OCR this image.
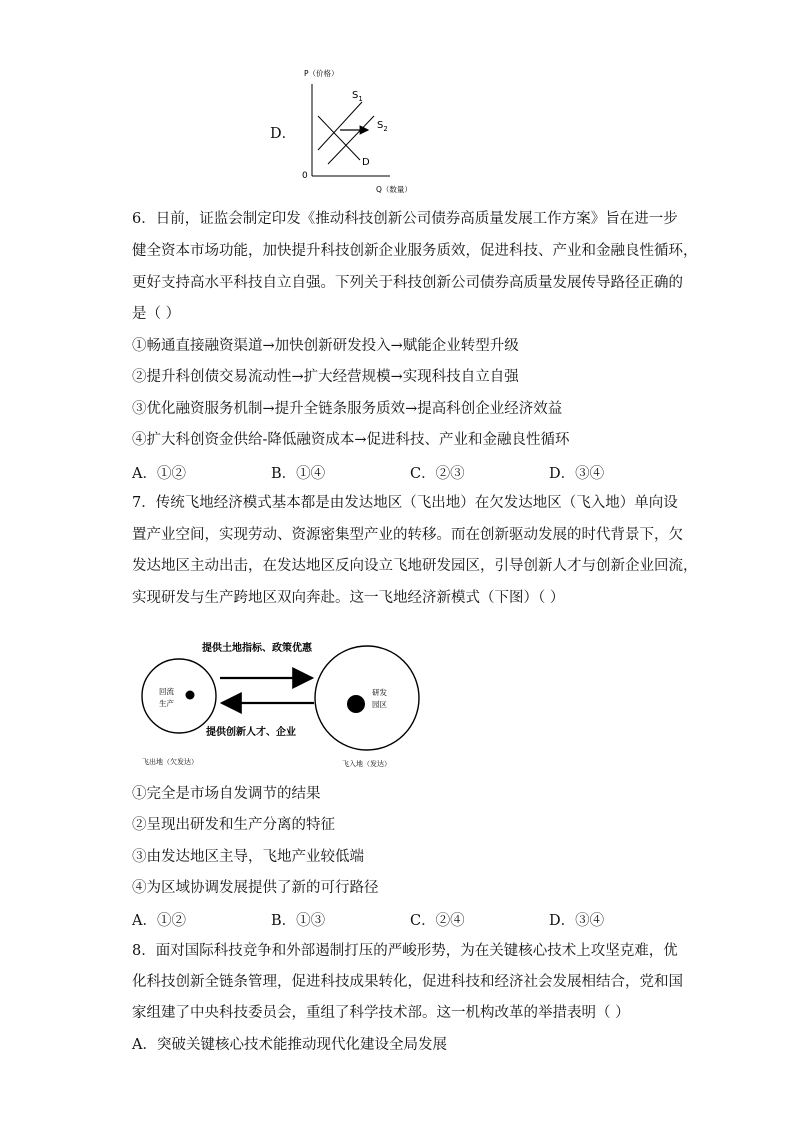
D．
P（价格）
0
Q（数量）
$S_1$
$S_2$
D
6．日前，证监会制定印发《推动科技创新公司债券高质量发展工作方案》旨在进一步
健全资本市场功能，加快提升科技创新企业服务质效，促进科技、产业和金融良性循环，
更好支持高水平科技自立自强。下列关于科技创新公司债券高质量发展传导路径正确的
是（ ）
①畅通直接融资渠道→加快创新研发投入→赋能企业转型升级
②提升科创债交易流动性→扩大经营规模→实现科技自立自强
③优化融资服务机制→提升全链条服务质效→提高科创企业经济效益
④扩大科创资金供给-降低融资成本→促进科技、产业和金融良性循环
A．①②	B．①④	C．②③	D．③④
7．传统飞地经济模式基本都是由发达地区（飞出地）在欠发达地区（飞入地）单向设
置产业空间，实现劳动、资源密集型产业的转移。而在创新驱动发展的时代背景下，欠
发达地区主动出击，在发达地区反向设立飞地研发园区，引导创新人才与创新企业回流，
实现研发与生产跨地区双向奔赴。这一飞地经济新模式（下图）（ ）
回流
生产
研发
园区
提供土地指标、政策优惠
提供创新人才、企业
飞出地（欠发达）	飞入地（发达）
①完全是市场自发调节的结果
②呈现出研发和生产分离的特征
③由发达地区主导，飞地产业较低端
④为区域协调发展提供了新的可行路径
A．①②	B．①③	C．②④	D．③④
8．面对国际科技竞争和外部遏制打压的严峻形势，为在关键核心技术上攻坚克难，优
化科技创新全链条管理，促进科技成果转化，促进科技和经济社会发展相结合，党和国
家组建了中央科技委员会，重组了科学技术部。这一机构改革的举措表明（ ）
A．突破关键核心技术能推动现代化建设全局发展
